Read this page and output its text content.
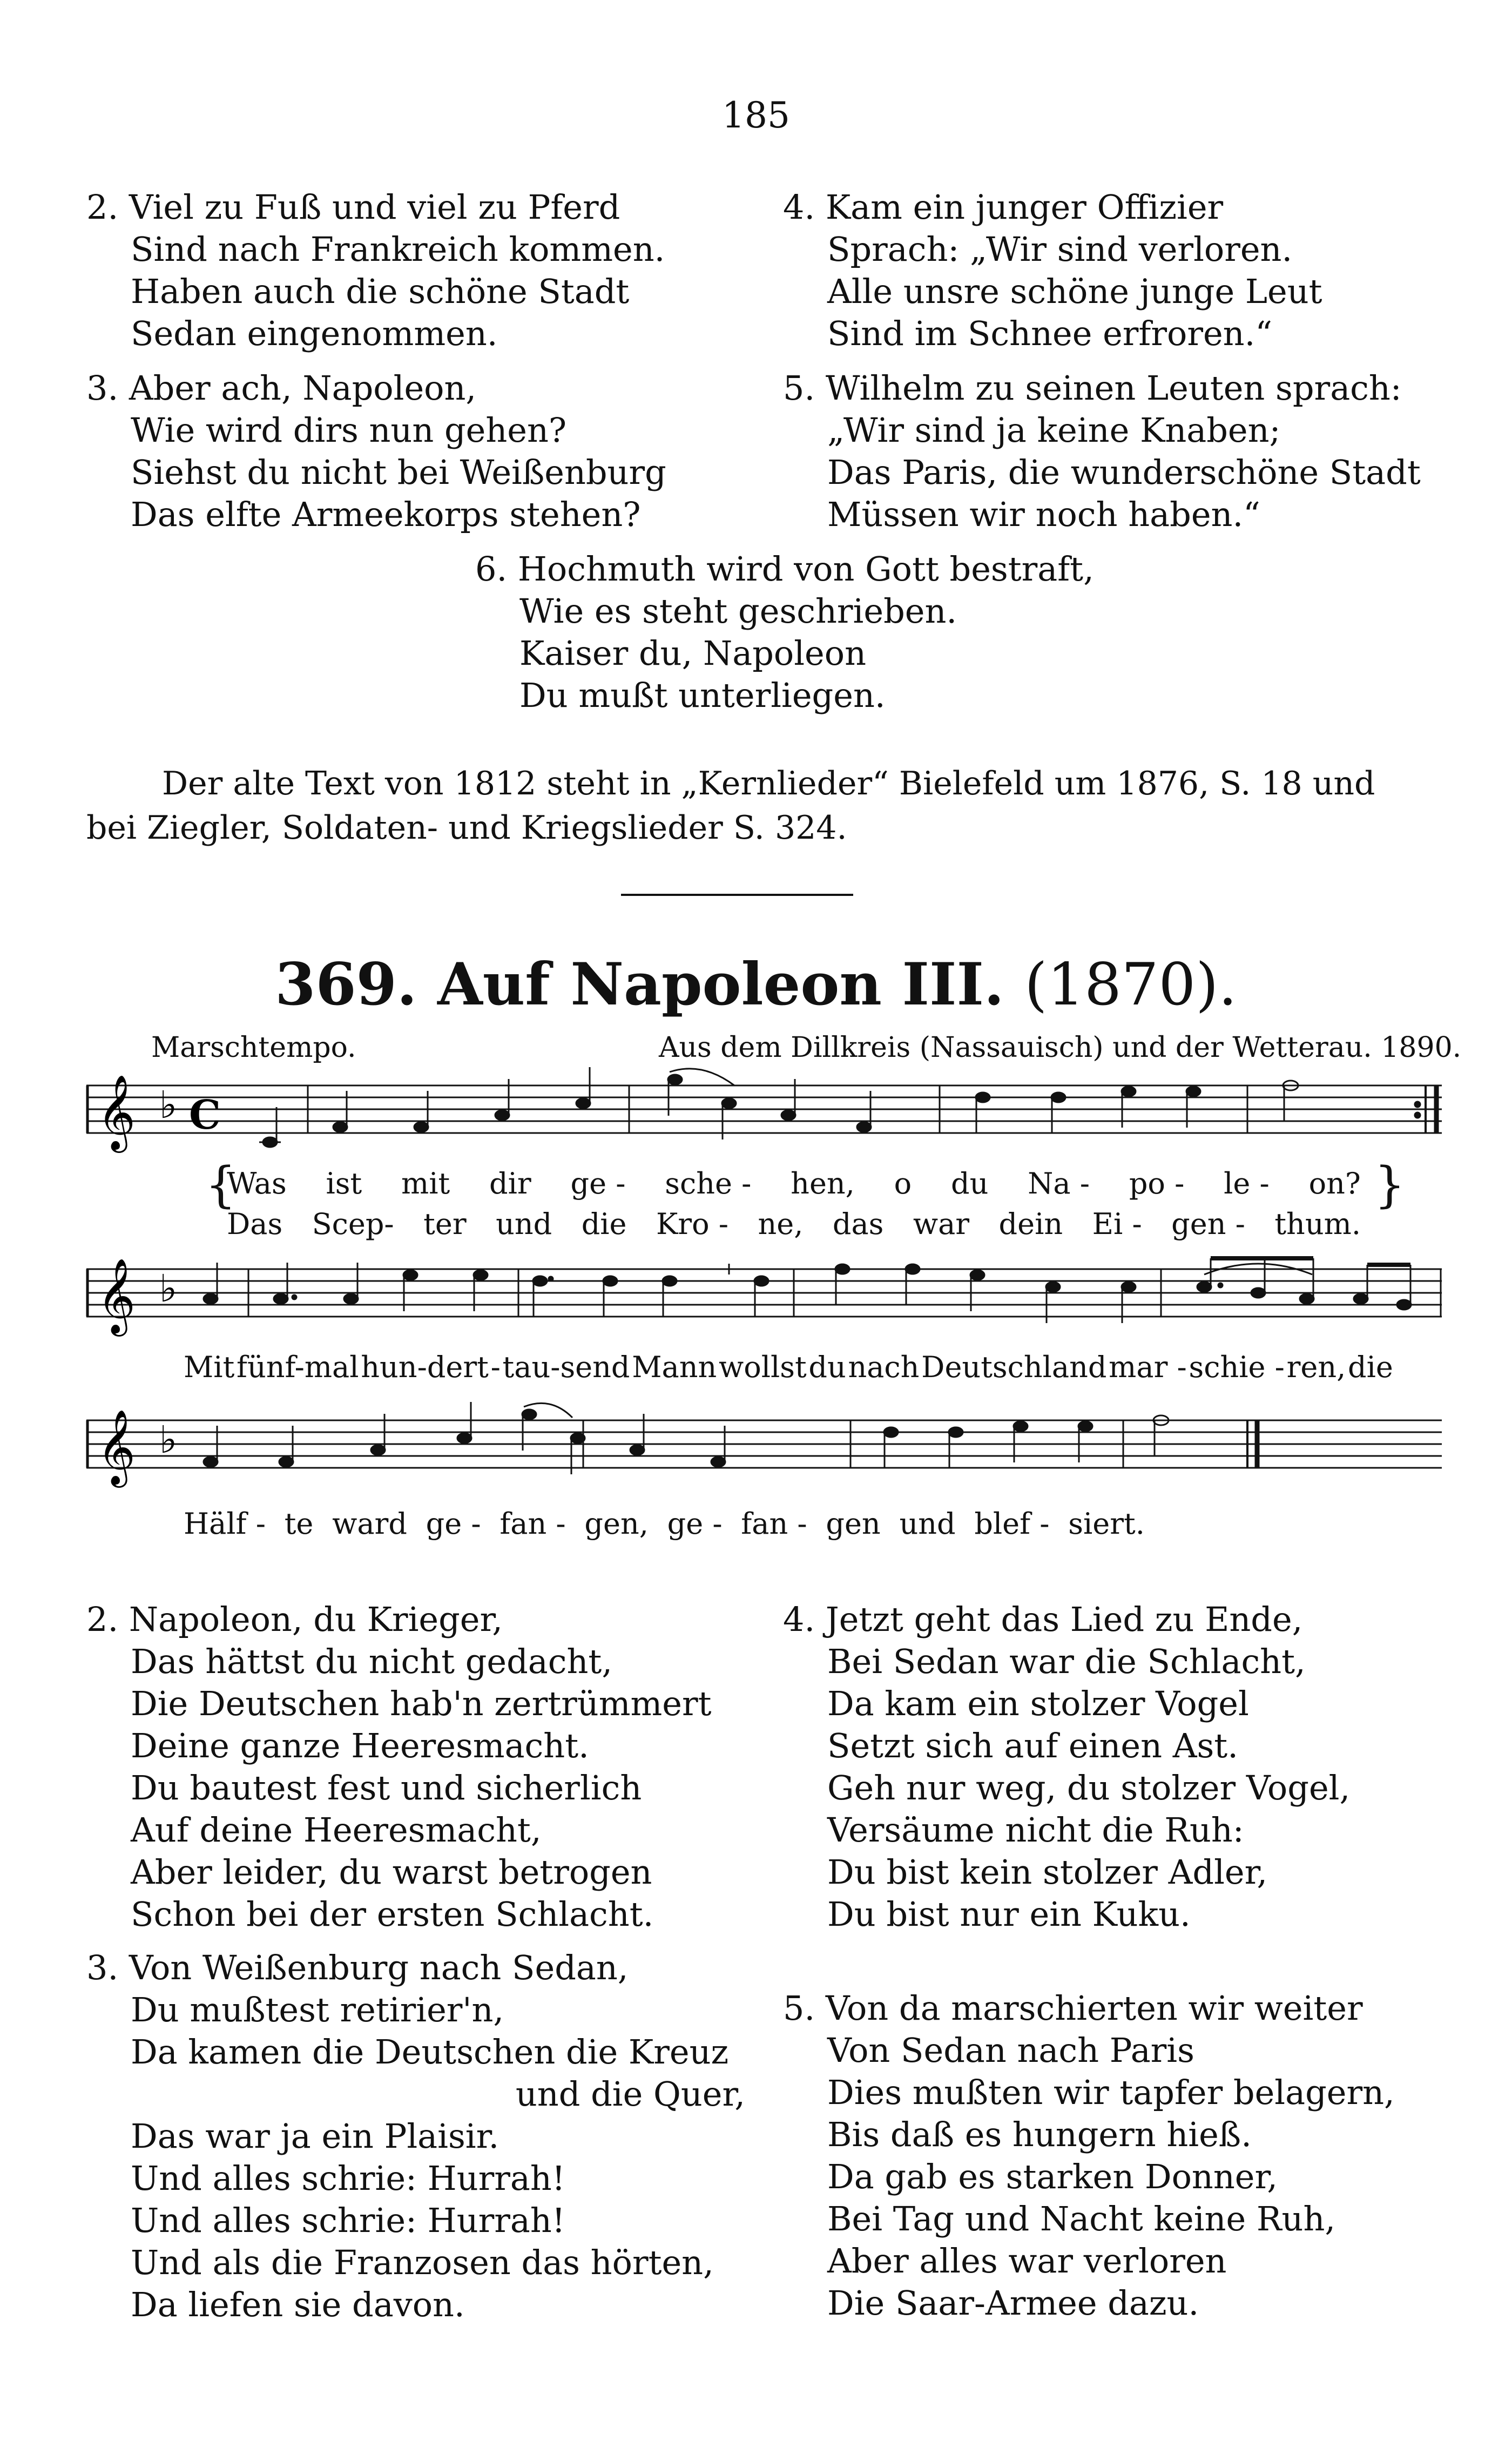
185
2. Viel zu Fuß und viel zu Pferd
Sind nach Frankreich kommen.
Haben auch die schöne Stadt
Sedan eingenommen.
3. Aber ach, Napoleon,
Wie wird dirs nun gehen?
Siehst du nicht bei Weißenburg
Das elfte Armeekorps stehen?
4. Kam ein junger Offizier
Sprach: „Wir sind verloren.
Alle unsre schöne junge Leut
Sind im Schnee erfroren.“
5. Wilhelm zu seinen Leuten sprach:
„Wir sind ja keine Knaben;
Das Paris, die wunderschöne Stadt
Müssen wir noch haben.“
6. Hochmuth wird von Gott bestraft,
Wie es steht geschrieben.
Kaiser du, Napoleon
Du mußt unterliegen.
Der alte Text von 1812 steht in „Kernlieder“ Bielefeld um 1876, S. 18 und
bei Ziegler, Soldaten- und Kriegslieder S. 324.
369. Auf Napoleon III. (1870).
Marschtempo.	Aus dem Dillkreis (Nassauisch) und der Wetterau. 1890.
𝄞 ♭ C
{	}
Was ist mit dir ge - sche - hen, o du Na - po - le - on?
Das Scep- ter und die Kro - ne, das war dein Ei - gen - thum.
𝄞 ♭
Mit fünf-mal hun-dert - tau-send Mann wollst du nach Deutschland mar - schie - ren, die
𝄞 ♭
Hälf - te ward ge - fan - gen, ge - fan - gen und blef - siert.
2. Napoleon, du Krieger,
Das hättst du nicht gedacht,
Die Deutschen hab'n zertrümmert
Deine ganze Heeresmacht.
Du bautest fest und sicherlich
Auf deine Heeresmacht,
Aber leider, du warst betrogen
Schon bei der ersten Schlacht.
3. Von Weißenburg nach Sedan,
Du mußtest retirier'n,
Da kamen die Deutschen die Kreuz
und die Quer,
Das war ja ein Plaisir.
Und alles schrie: Hurrah!
Und alles schrie: Hurrah!
Und als die Franzosen das hörten,
Da liefen sie davon.
4. Jetzt geht das Lied zu Ende,
Bei Sedan war die Schlacht,
Da kam ein stolzer Vogel
Setzt sich auf einen Ast.
Geh nur weg, du stolzer Vogel,
Versäume nicht die Ruh:
Du bist kein stolzer Adler,
Du bist nur ein Kuku.
5. Von da marschierten wir weiter
Von Sedan nach Paris
Dies mußten wir tapfer belagern,
Bis daß es hungern hieß.
Da gab es starken Donner,
Bei Tag und Nacht keine Ruh,
Aber alles war verloren
Die Saar-Armee dazu.
